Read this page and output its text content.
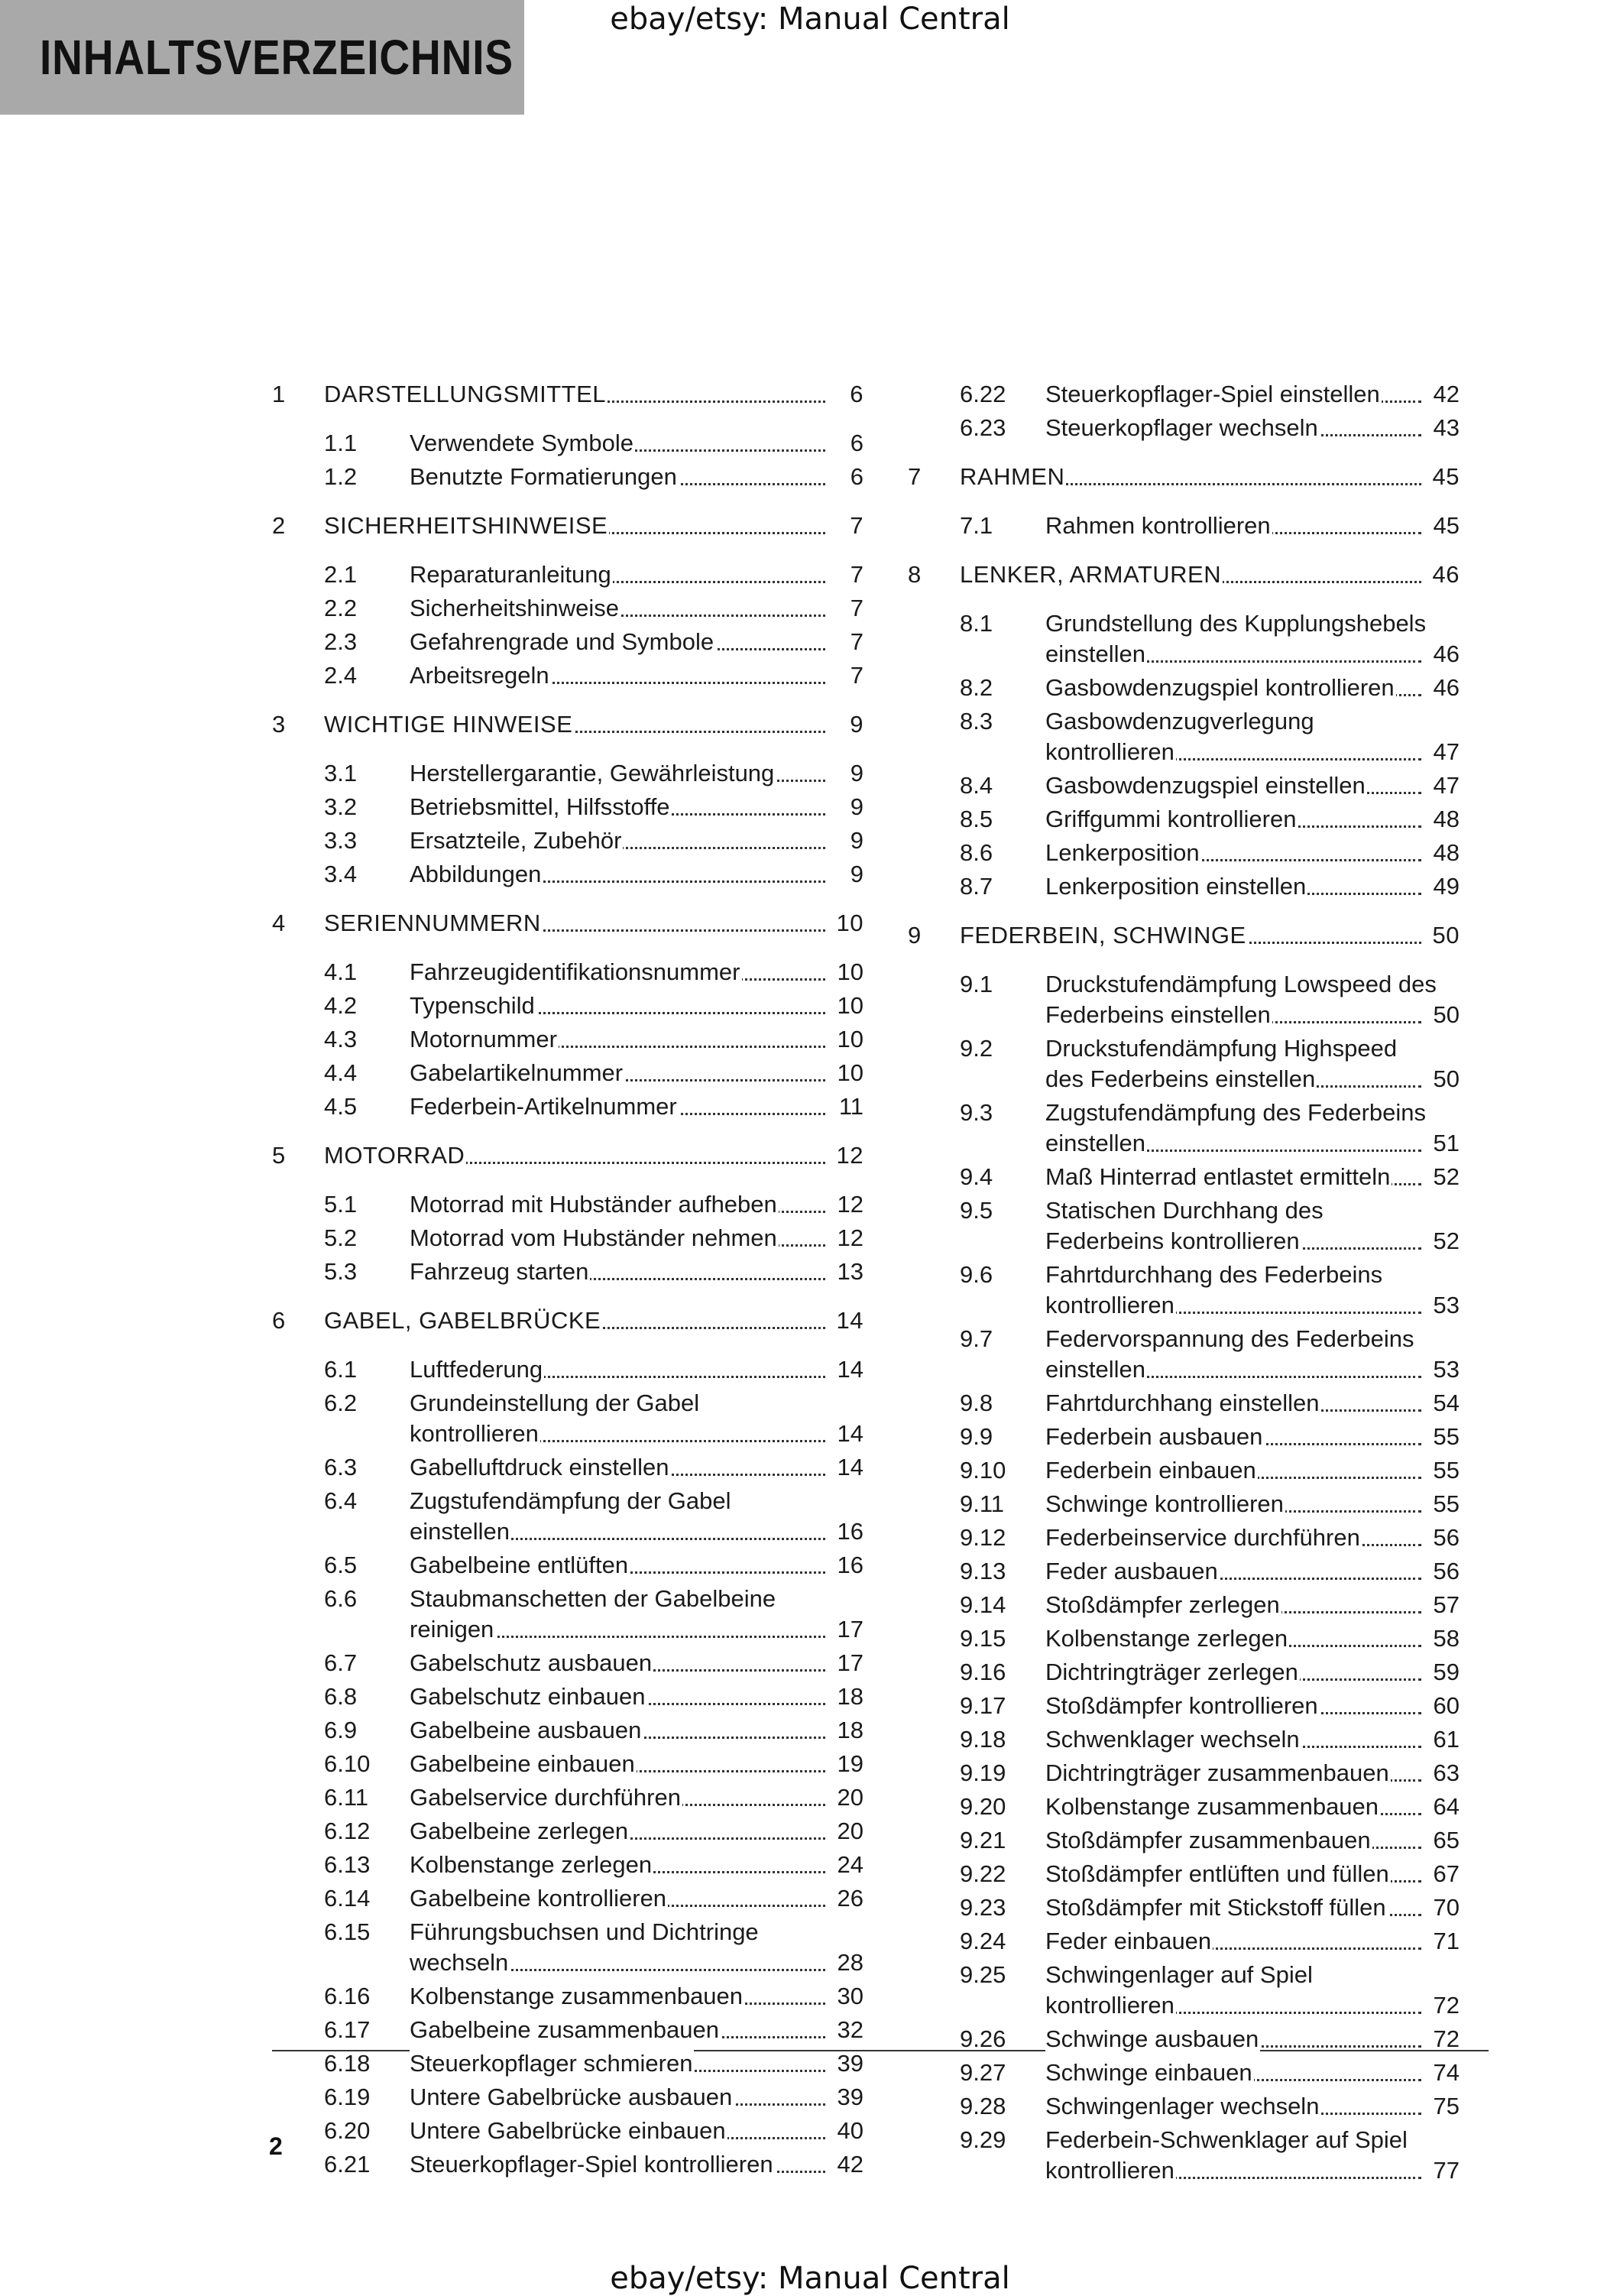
INHALTSVERZEICHNIS
ebay/etsy: Manual Central
1 DARSTELLUNGSMITTEL	6
1.1 Verwendete Symbole	6
1.2 Benutzte Formatierungen	6
2 SICHERHEITSHINWEISE	7
2.1 Reparaturanleitung	7
2.2 Sicherheitshinweise	7
2.3 Gefahrengrade und Symbole	7
2.4 Arbeitsregeln	7
3 WICHTIGE HINWEISE	9
3.1 Herstellergarantie, Gewährleistung	9
3.2 Betriebsmittel, Hilfsstoffe	9
3.3 Ersatzteile, Zubehör	9
3.4 Abbildungen	9
4 SERIENNUMMERN	10
4.1 Fahrzeugidentifikationsnummer	10
4.2 Typenschild	10
4.3 Motornummer	10
4.4 Gabelartikelnummer	10
4.5 Federbein-Artikelnummer	11
5 MOTORRAD	12
5.1 Motorrad mit Hubständer aufheben	12
5.2 Motorrad vom Hubständer nehmen	12
5.3 Fahrzeug starten	13
6 GABEL, GABELBRÜCKE	14
6.1 Luftfederung	14
6.2 Grundeinstellung der Gabel
kontrollieren	14
6.3 Gabelluftdruck einstellen	14
6.4 Zugstufendämpfung der Gabel
einstellen	16
6.5 Gabelbeine entlüften	16
6.6 Staubmanschetten der Gabelbeine
reinigen	17
6.7 Gabelschutz ausbauen	17
6.8 Gabelschutz einbauen	18
6.9 Gabelbeine ausbauen	18
6.10 Gabelbeine einbauen	19
6.11 Gabelservice durchführen	20
6.12 Gabelbeine zerlegen	20
6.13 Kolbenstange zerlegen	24
6.14 Gabelbeine kontrollieren	26
6.15 Führungsbuchsen und Dichtringe
wechseln	28
6.16 Kolbenstange zusammenbauen	30
6.17 Gabelbeine zusammenbauen	32
6.18 Steuerkopflager schmieren	39
6.19 Untere Gabelbrücke ausbauen	39
6.20 Untere Gabelbrücke einbauen	40
6.21 Steuerkopflager-Spiel kontrollieren	42
6.22 Steuerkopflager-Spiel einstellen	42
6.23 Steuerkopflager wechseln	43
7 RAHMEN	45
7.1 Rahmen kontrollieren	45
8 LENKER, ARMATUREN	46
8.1 Grundstellung des Kupplungshebels
einstellen	46
8.2 Gasbowdenzugspiel kontrollieren	46
8.3 Gasbowdenzugverlegung
kontrollieren	47
8.4 Gasbowdenzugspiel einstellen	47
8.5 Griffgummi kontrollieren	48
8.6 Lenkerposition	48
8.7 Lenkerposition einstellen	49
9 FEDERBEIN, SCHWINGE	50
9.1 Druckstufendämpfung Lowspeed des
Federbeins einstellen	50
9.2 Druckstufendämpfung Highspeed
des Federbeins einstellen	50
9.3 Zugstufendämpfung des Federbeins
einstellen	51
9.4 Maß Hinterrad entlastet ermitteln	52
9.5 Statischen Durchhang des
Federbeins kontrollieren	52
9.6 Fahrtdurchhang des Federbeins
kontrollieren	53
9.7 Federvorspannung des Federbeins
einstellen	53
9.8 Fahrtdurchhang einstellen	54
9.9 Federbein ausbauen	55
9.10 Federbein einbauen	55
9.11 Schwinge kontrollieren	55
9.12 Federbeinservice durchführen	56
9.13 Feder ausbauen	56
9.14 Stoßdämpfer zerlegen	57
9.15 Kolbenstange zerlegen	58
9.16 Dichtringträger zerlegen	59
9.17 Stoßdämpfer kontrollieren	60
9.18 Schwenklager wechseln	61
9.19 Dichtringträger zusammenbauen	63
9.20 Kolbenstange zusammenbauen	64
9.21 Stoßdämpfer zusammenbauen	65
9.22 Stoßdämpfer entlüften und füllen	67
9.23 Stoßdämpfer mit Stickstoff füllen	70
9.24 Feder einbauen	71
9.25 Schwingenlager auf Spiel
kontrollieren	72
9.26 Schwinge ausbauen	72
9.27 Schwinge einbauen	74
9.28 Schwingenlager wechseln	75
9.29 Federbein-Schwenklager auf Spiel
kontrollieren	77
2
ebay/etsy: Manual Central
